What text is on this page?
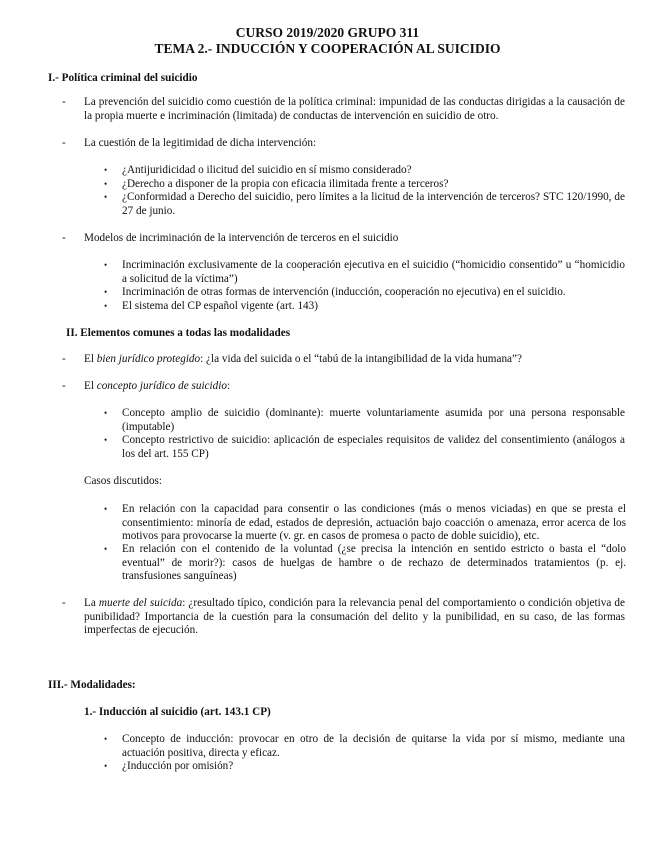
CURSO 2019/2020 GRUPO 311
TEMA 2.- INDUCCIÓN Y COOPERACIÓN AL SUICIDIO
I.- Política criminal del suicidio
- La prevención del suicidio como cuestión de la política criminal: impunidad de las conductas dirigidas a la causación de la propia muerte e incriminación (limitada) de conductas de intervención en suicidio de otro.
- La cuestión de la legitimidad de dicha intervención:
• ¿Antijuridicidad o ilicitud del suicidio en sí mismo considerado?
• ¿Derecho a disponer de la propia con eficacia ilimitada frente a terceros?
• ¿Conformidad a Derecho del suicidio, pero límites a la licitud de la intervención de terceros? STC 120/1990, de 27 de junio.
- Modelos de incriminación de la intervención de terceros en el suicidio
• Incriminación exclusivamente de la cooperación ejecutiva en el suicidio (“homicidio consentido” u “homicidio a solicitud de la víctima”)
• Incriminación de otras formas de intervención (inducción, cooperación no ejecutiva) en el suicidio.
• El sistema del CP español vigente (art. 143)
II. Elementos comunes a todas las modalidades
- El bien jurídico protegido: ¿la vida del suicida o el “tabú de la intangibilidad de la vida humana”?
- El concepto jurídico de suicidio:
• Concepto amplio de suicidio (dominante): muerte voluntariamente asumida por una persona responsable (imputable)
• Concepto restrictivo de suicidio: aplicación de especiales requisitos de validez del consentimiento (análogos a los del art. 155 CP)
Casos discutidos:
• En relación con la capacidad para consentir o las condiciones (más o menos viciadas) en que se presta el consentimiento: minoría de edad, estados de depresión, actuación bajo coacción o amenaza, error acerca de los motivos para provocarse la muerte (v. gr. en casos de promesa o pacto de doble suicidio), etc.
• En relación con el contenido de la voluntad (¿se precisa la intención en sentido estricto o basta el “dolo eventual” de morir?): casos de huelgas de hambre o de rechazo de determinados tratamientos (p. ej. transfusiones sanguíneas)
- La muerte del suicida: ¿resultado típico, condición para la relevancia penal del comportamiento o condición objetiva de punibilidad? Importancia de la cuestión para la consumación del delito y la punibilidad, en su caso, de las formas imperfectas de ejecución.
III.- Modalidades:
1.- Inducción al suicidio (art. 143.1 CP)
• Concepto de inducción: provocar en otro de la decisión de quitarse la vida por sí mismo, mediante una actuación positiva, directa y eficaz.
• ¿Inducción por omisión?
